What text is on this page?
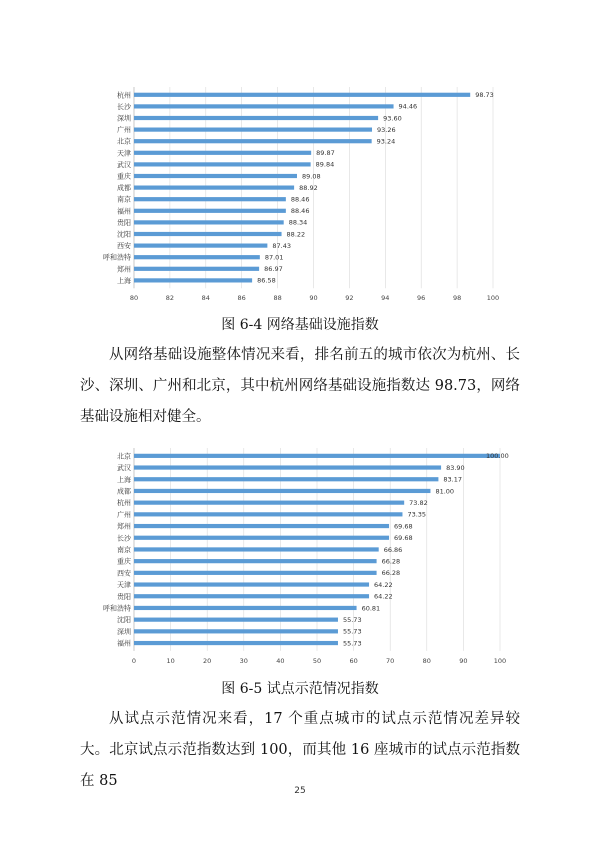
80	82	84	86	88	90	92	94	96	98	100
杭州	98.73
长沙	94.46
深圳	93.60
广州	93.26
北京	93.24
天津	89.87
武汉	89.84
重庆	89.08
成都	88.92
南京	88.46
福州	88.46
贵阳	88.34
沈阳	88.22
西安	87.43
呼和浩特	87.01
郑州	86.97
上海	86.58
图 6-4 网络基础设施指数

从网络基础设施整体情况来看，排名前五的城市依次为杭州、长沙、深圳、广州和北京，其中杭州网络基础设施指数达 98.73，网络基础设施相对健全。

0	10	20	30	40	50	60	70	80	90	100
北京	100.00
武汉	83.90
上海	83.17
成都	81.00
杭州	73.82
广州	73.35
郑州	69.68
长沙	69.68
南京	66.86
重庆	66.28
西安	66.28
天津	64.22
贵阳	64.22
呼和浩特	60.81
沈阳	55.73
深圳	55.73
福州	55.73
图 6-5 试点示范情况指数

从试点示范情况来看，17 个重点城市的试点示范情况差异较大。北京试点示范指数达到 100，而其他 16 座城市的试点示范指数在 85

25
